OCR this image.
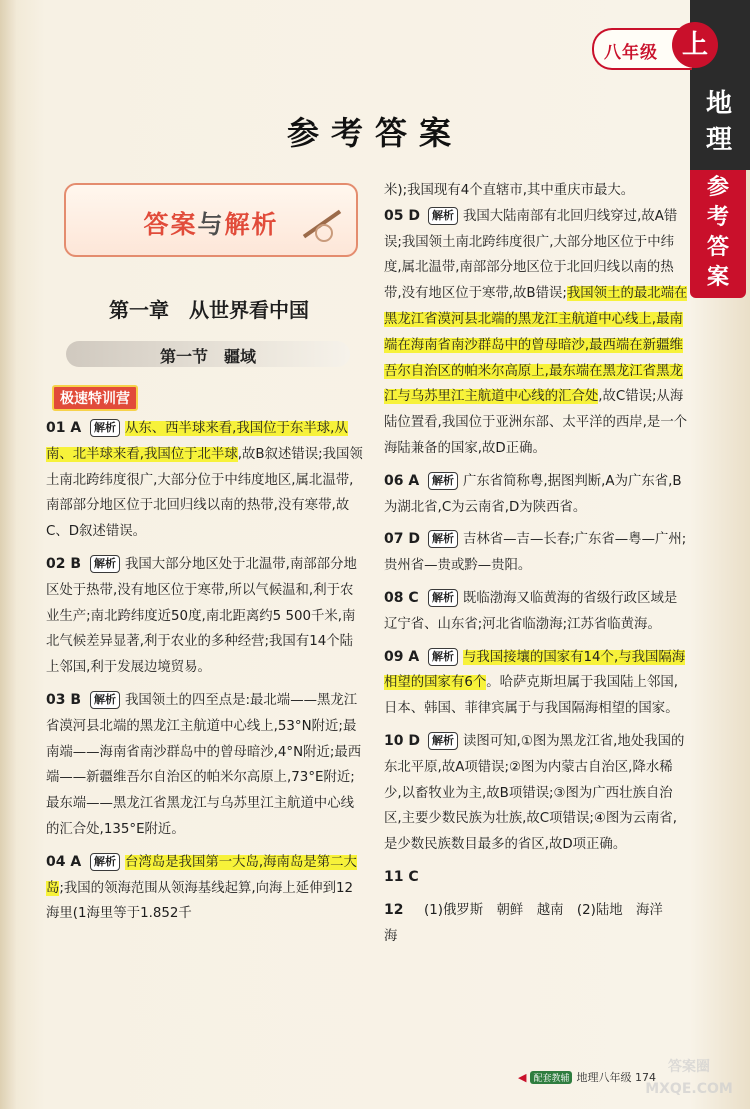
八年级 上
地
理
参
考
答
案
参考答案
答案与解析
第一章　从世界看中国
第一节　疆域
极速特训营
01 A 解析 从东、西半球来看,我国位于东半球,从南、北半球来看,我国位于北半球,故B叙述错误;我国领土南北跨纬度很广,大部分位于中纬度地区,属北温带,南部部分地区位于北回归线以南的热带,没有寒带,故C、D叙述错误。
02 B 解析 我国大部分地区处于北温带,南部部分地区处于热带,没有地区位于寒带,所以气候温和,利于农业生产;南北跨纬度近50度,南北距离约5 500千米,南北气候差异显著,利于农业的多种经营;我国有14个陆上邻国,利于发展边境贸易。
03 B 解析 我国领土的四至点是:最北端——黑龙江省漠河县北端的黑龙江主航道中心线上,53°N附近;最南端——海南省南沙群岛中的曾母暗沙,4°N附近;最西端——新疆维吾尔自治区的帕米尔高原上,73°E附近;最东端——黑龙江省黑龙江与乌苏里江主航道中心线的汇合处,135°E附近。
04 A 解析 台湾岛是我国第一大岛,海南岛是第二大岛;我国的领海范围从领海基线起算,向海上延伸到12海里(1海里等于1.852千
米);我国现有4个直辖市,其中重庆市最大。
05 D 解析 我国大陆南部有北回归线穿过,故A错误;我国领土南北跨纬度很广,大部分地区位于中纬度,属北温带,南部部分地区位于北回归线以南的热带,没有地区位于寒带,故B错误;我国领土的最北端在黑龙江省漠河县北端的黑龙江主航道中心线上,最南端在海南省南沙群岛中的曾母暗沙,最西端在新疆维吾尔自治区的帕米尔高原上,最东端在黑龙江省黑龙江与乌苏里江主航道中心线的汇合处,故C错误;从海陆位置看,我国位于亚洲东部、太平洋的西岸,是一个海陆兼备的国家,故D正确。
06 A 解析 广东省简称粤,据图判断,A为广东省,B为湖北省,C为云南省,D为陕西省。
07 D 解析 吉林省—吉—长春;广东省—粤—广州;贵州省—贵或黔—贵阳。
08 C 解析 既临渤海又临黄海的省级行政区域是辽宁省、山东省;河北省临渤海;江苏省临黄海。
09 A 解析 与我国接壤的国家有14个,与我国隔海相望的国家有6个。哈萨克斯坦属于我国陆上邻国,日本、韩国、菲律宾属于与我国隔海相望的国家。
10 D 解析 读图可知,①图为黑龙江省,地处我国的东北平原,故A项错误;②图为内蒙古自治区,降水稀少,以畜牧业为主,故B项错误;③图为广西壮族自治区,主要少数民族为壮族,故C项错误;④图为云南省,是少数民族数目最多的省区,故D项正确。
11 C
12 (1)俄罗斯　朝鲜　越南　(2)陆地　海洋　海
◀ 配套教辅 地理八年级 174
答案圈
MXQE.COM
